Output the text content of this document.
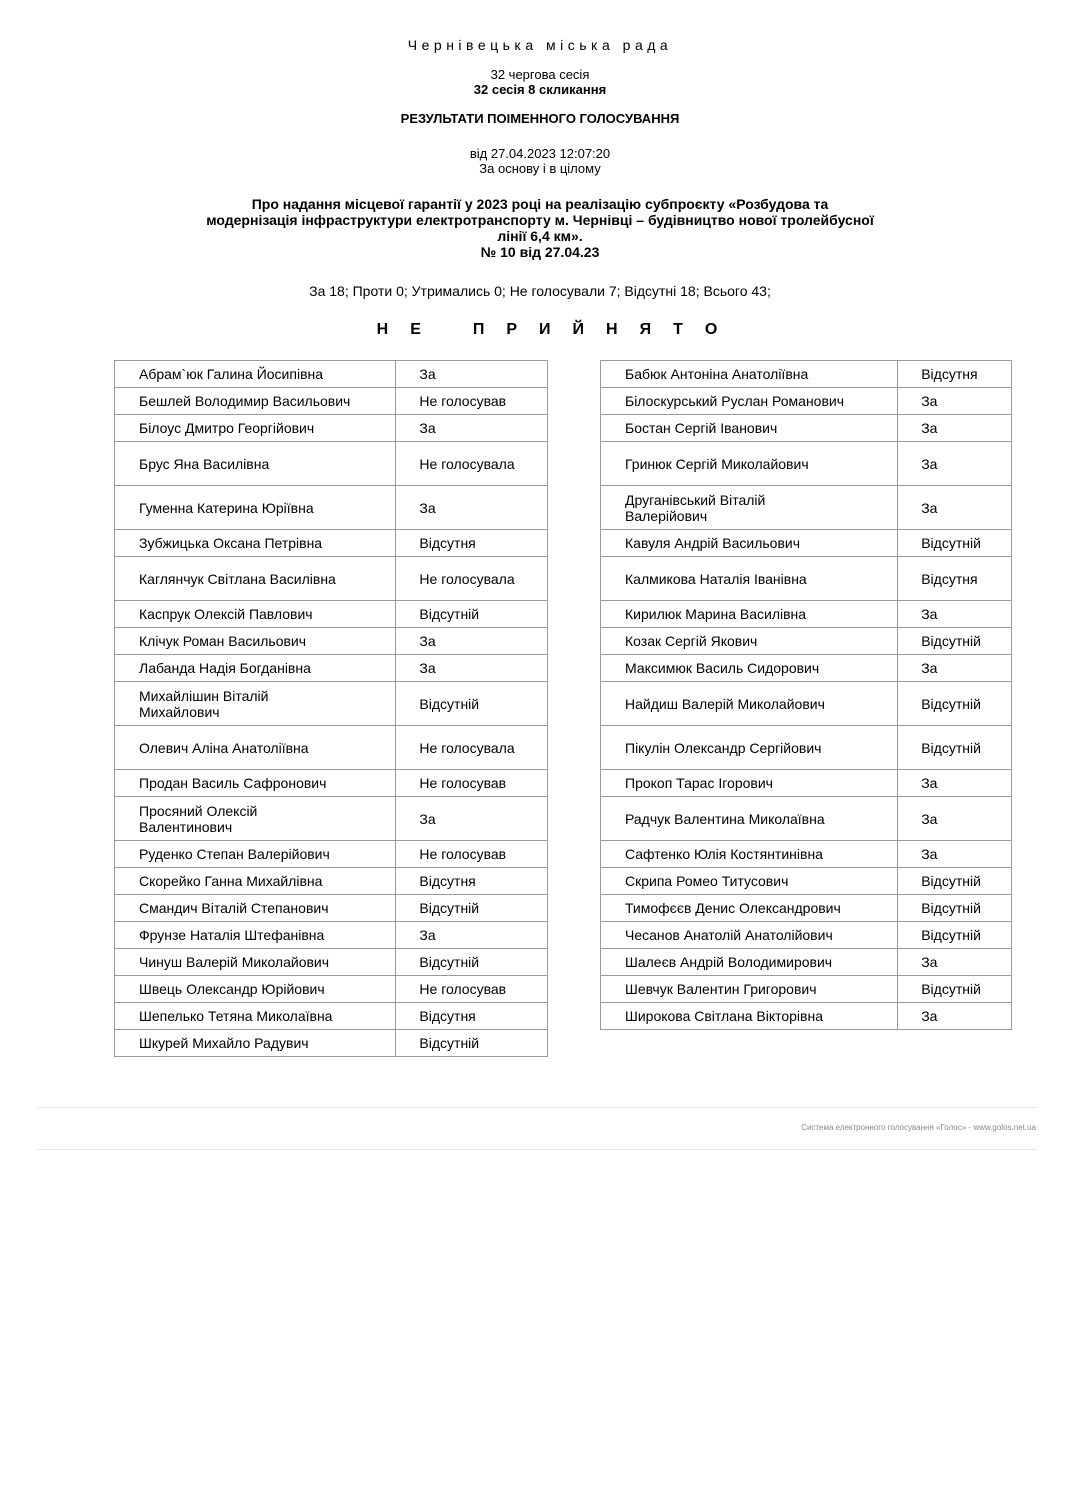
Чернівецька міська рада
32 чергова сесія
32 сесія 8 скликання
РЕЗУЛЬТАТИ ПОІМЕННОГО ГОЛОСУВАННЯ
від 27.04.2023 12:07:20
За основу і в цілому
Про надання місцевої гарантії у 2023 році на реалізацію субпроєкту «Розбудова та
модернізація інфраструктури електротранспорту м. Чернівці – будівництво нової тролейбусної
лінії 6,4 км».
№ 10 від 27.04.23
За 18; Проти 0; Утримались 0; Не голосували 7; Відсутні 18; Всього 43;
Н Е П Р И Й Н Я Т О
Абрам`юк Галина Йосипівна	За
Бешлей Володимир Васильович	Не голосував
Білоус Дмитро Георгійович	За
Брус Яна Василівна	Не голосувала
Гуменна Катерина Юріївна	За
Зубжицька Оксана Петрівна	Відсутня
Каглянчук Світлана Василівна	Не голосувала
Каспрук Олексій Павлович	Відсутній
Клічук Роман Васильович	За
Лабанда Надія Богданівна	За
Михайлішин Віталій Михайлович	Відсутній
Олевич Аліна Анатоліївна	Не голосувала
Продан Василь Сафронович	Не голосував
Просяний Олексій Валентинович	За
Руденко Степан Валерійович	Не голосував
Скорейко Ганна Михайлівна	Відсутня
Смандич Віталій Степанович	Відсутній
Фрунзе Наталія Штефанівна	За
Чинуш Валерій Миколайович	Відсутній
Швець Олександр Юрійович	Не голосував
Шепелько Тетяна Миколаївна	Відсутня
Шкурей Михайло Радувич	Відсутній
Бабюк Антоніна Анатоліївна	Відсутня
Білоскурський Руслан Романович	За
Бостан Сергій Іванович	За
Гринюк Сергій Миколайович	За
Друганівський Віталій Валерійович	За
Кавуля Андрій Васильович	Відсутній
Калмикова Наталія Іванівна	Відсутня
Кирилюк Марина Василівна	За
Козак Сергій Якович	Відсутній
Максимюк Василь Сидорович	За
Найдиш Валерій Миколайович	Відсутній
Пікулін Олександр Сергійович	Відсутній
Прокоп Тарас Ігорович	За
Радчук Валентина Миколаївна	За
Сафтенко Юлія Костянтинівна	За
Скрипа Ромео Титусович	Відсутній
Тимофєєв Денис Олександрович	Відсутній
Чесанов Анатолій Анатолійович	Відсутній
Шалеєв Андрій Володимирович	За
Шевчук Валентин Григорович	Відсутній
Широкова Світлана Вікторівна	За
Система електронного голосування «Голос» - www.golos.net.ua
